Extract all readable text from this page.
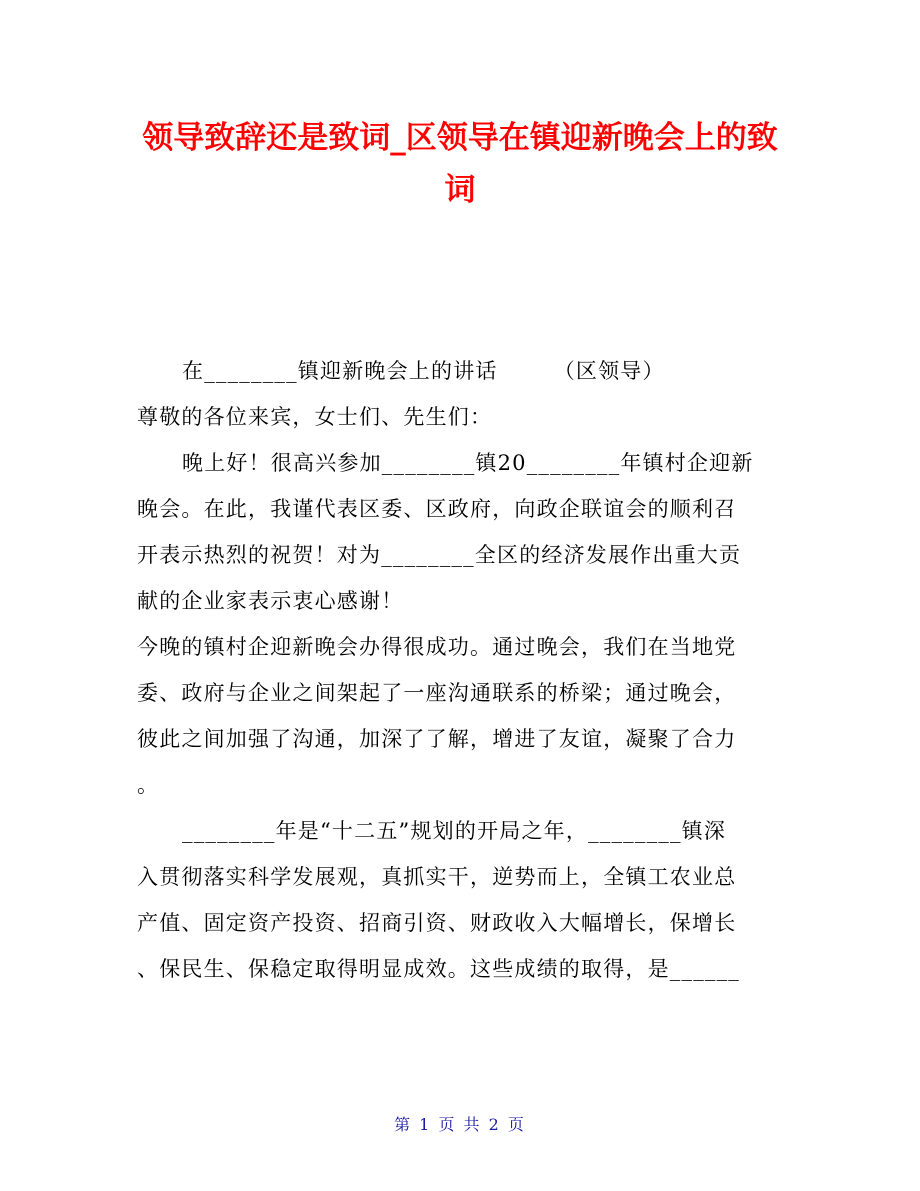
领导致辞还是致词_区领导在镇迎新晚会上的致
词

在________镇迎新晚会上的讲话　　　（区领导）

尊敬的各位来宾，女士们、先生们：

晚上好！很高兴参加________镇20________年镇村企迎新

晚会。在此，我谨代表区委、区政府，向政企联谊会的顺利召

开表示热烈的祝贺！对为________全区的经济发展作出重大贡

献的企业家表示衷心感谢！

今晚的镇村企迎新晚会办得很成功。通过晚会，我们在当地党

委、政府与企业之间架起了一座沟通联系的桥梁；通过晚会，

彼此之间加强了沟通，加深了了解，增进了友谊，凝聚了合力

。

________年是“十二五”规划的开局之年，________镇深

入贯彻落实科学发展观，真抓实干，逆势而上，全镇工农业总

产值、固定资产投资、招商引资、财政收入大幅增长，保增长

、保民生、保稳定取得明显成效。这些成绩的取得，是______

第 1 页 共 2 页
